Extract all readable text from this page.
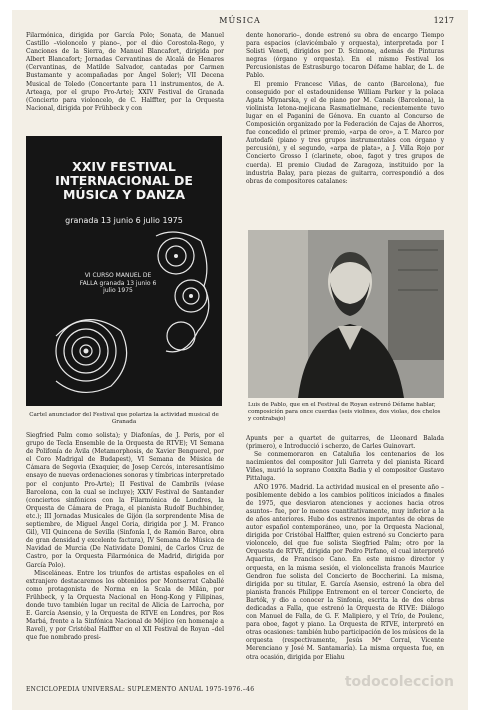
MÚSICA	1217

Filarmónica, dirigida por García Polo; Sonata, de Manuel Castillo –violoncelo y piano–, por el dúo Corostola-Rego, y Canciones de la Sierra, de Manuel Blancafort, dirigida por Albert Blancafort; Jornadas Cervantinas de Alcalá de Henares (Cervantinas, de Matilde Salvador, cantadas por Carmen Bustamante y acompañadas por Ángel Soler); VII Decena Musical de Toledo (Concertante para 11 instrumentos, de A. Arteaga, por el grupo Pro-Arte); XXIV Festival de Granada (Concierto para violoncelo, de C. Halffter, por la Orquesta Nacional, dirigida por Frühbeck y con

XXIV FESTIVAL INTERNACIONAL DE MÚSICA Y DANZA
granada 13 junio 6 julio 1975
VI CURSO MANUEL DE FALLA granada 13 junio 6 julio 1975
Cartel anunciador del Festival que polariza la actividad musical de Granada

Siegfried Palm como solista); y Diafonías, de J. Peris, por el grupo de Tecla Ensemble de la Orquesta de RTVE); VI Semana de Polifonía de Ávila (Metamorphosis, de Xavier Benguerel, por el Coro Madrigal de Budapest), VI Semana de Música de Cámara de Segovia (Exaquier, de Josep Cercós, interesantísimo ensayo de nuevas ordenaciones sonoras y tímbricas interpretado por el conjunto Pro-Arte); II Festival de Cambrils (véase Barcelona, con la cual se incluye); XXIV Festival de Santander (conciertos sinfónicos con la Filarmónica de Londres, la Orquesta de Cámara de Praga, el pianista Rudolf Buchbinder, etc.); III Jornadas Musicales de Gijón (la sorprendente Misa de septiembre, de Miguel Ángel Coria, dirigida por J. M. Franco Gil), VII Quincena de Sevilla (Sinfonía I, de Ramón Barce, obra de gran densidad y excelente factura), IV Semana de Música de Navidad de Murcia (De Natividate Domini, de Carlos Cruz de Castro, por la Orquesta Filarmónica de Madrid, dirigida por García Polo).

Misceláneas. Entre los triunfos de artistas españoles en el extranjero destacaremos los obtenidos por Montserrat Caballé como protagonista de Norma en la Scala de Milán, por Frühbeck, y la Orquesta Nacional en Hong-Kong y Filipinas, donde tuvo también lugar un recital de Alicia de Larrocha, por E. García Asensio, y la Orquesta de RTVE en Londres, por Ros Marbá, frente a la Sinfónica Nacional de Méjico (en homenaje a Ravel), y por Cristóbal Halffter en el XII Festival de Royan –del que fue nombrado presi-

dente honorario–, donde estrenó su obra de encargo Tiempo para espacios (clavicémbalo y orquesta), interpretada por I Solisti Veneti, dirigidos por D. Scimone, además de Pinturas negras (órgano y orquesta). En el mismo Festival los Percusionistas de Estrasburgo tocaron Défame hablar, de L. de Pablo.

El premio Francesc Viñas, de canto (Barcelona), fue conseguido por el estadounidense William Parker y la polaca Agata Mlynarska, y el de piano por M. Canals (Barcelona), la violinista letona-mejicana Rasmatielmane, recientemente tuvo lugar en el Paganini de Génova. En cuanto al Concurso de Composición organizado por la Federación de Cajas de Ahorros, fue concedido el primer premio, «arpa de oro», a T. Marco por Autodafé (piano y tres grupos instrumentales con órgano y percusión), y el segundo, «arpa de plata», a J. Villa Rojo por Concierto Grosso I (clarinete, oboe, fagot y tres grupos de cuerda). El premio Ciudad de Zaragoza, instituido por la industria Balay, para piezas de guitarra, correspondió a dos obras de compositores catalanes:

Luis de Pablo, que en el Festival de Royan estrenó Défame hablar, composición para once cuerdas (seis violines, dos violas, dos chelos y contrabajo)

Apunts per a quartet de guitarres, de Lleonard Balada (primero), e Introducció i scherzo, de Carles Guinovart.

Se conmemoraron en Cataluña los centenarios de los nacimientos del compositor Juli Garreta y del pianista Ricard Viñes, murió la soprano Conxita Badia y el compositor Gustavo Pittaluga.

AÑO 1976. Madrid. La actividad musical en el presente año –posiblemente debido a los cambios políticos iniciados a finales de 1975, que desviaron atenciones y acciones hacia otros asuntos– fue, por lo menos cuantitativamente, muy inferior a la de años anteriores. Hubo dos estrenos importantes de obras de autor español contemporáneo, uno, por la Orquesta Nacional, dirigida por Cristóbal Halffter, quien estrenó su Concierto para violoncelo, del que fue solista Siegfried Palm; otro por la Orquesta de RTVE, dirigida por Pedro Pirfano, el cual interpretó Aquarius, de Francisco Cano. En este mismo director y orquesta, en la misma sesión, el violoncelista francés Maurice Gendron fue solista del Concierto de Boccherini. La misma, dirigida por su titular, E. García Asensio, estrenó la obra del pianista francés Philippe Entremont en el tercer Concierto, de Bartók, y dio a conocer la Sinfonía, escrita la de dos obras dedicadas a Falla, que estrenó la Orquesta de RTVE: Diálogo con Manuel de Falla, de G. F. Malipiero, y el Trío, de Poulenc, para oboe, fagot y piano. La Orquesta de RTVE, interpretó en otras ocasiones: también hubo participación de los músicos de la orquesta (respectivamente, Jesús Mª Corral, Vicente Merenciano y José M. Santamaría). La misma orquesta fue, en otra ocasión, dirigida por Eliahu

ENCICLOPEDIA UNIVERSAL: SUPLEMENTO ANUAL 1975-1976.–46	todocoleccion
